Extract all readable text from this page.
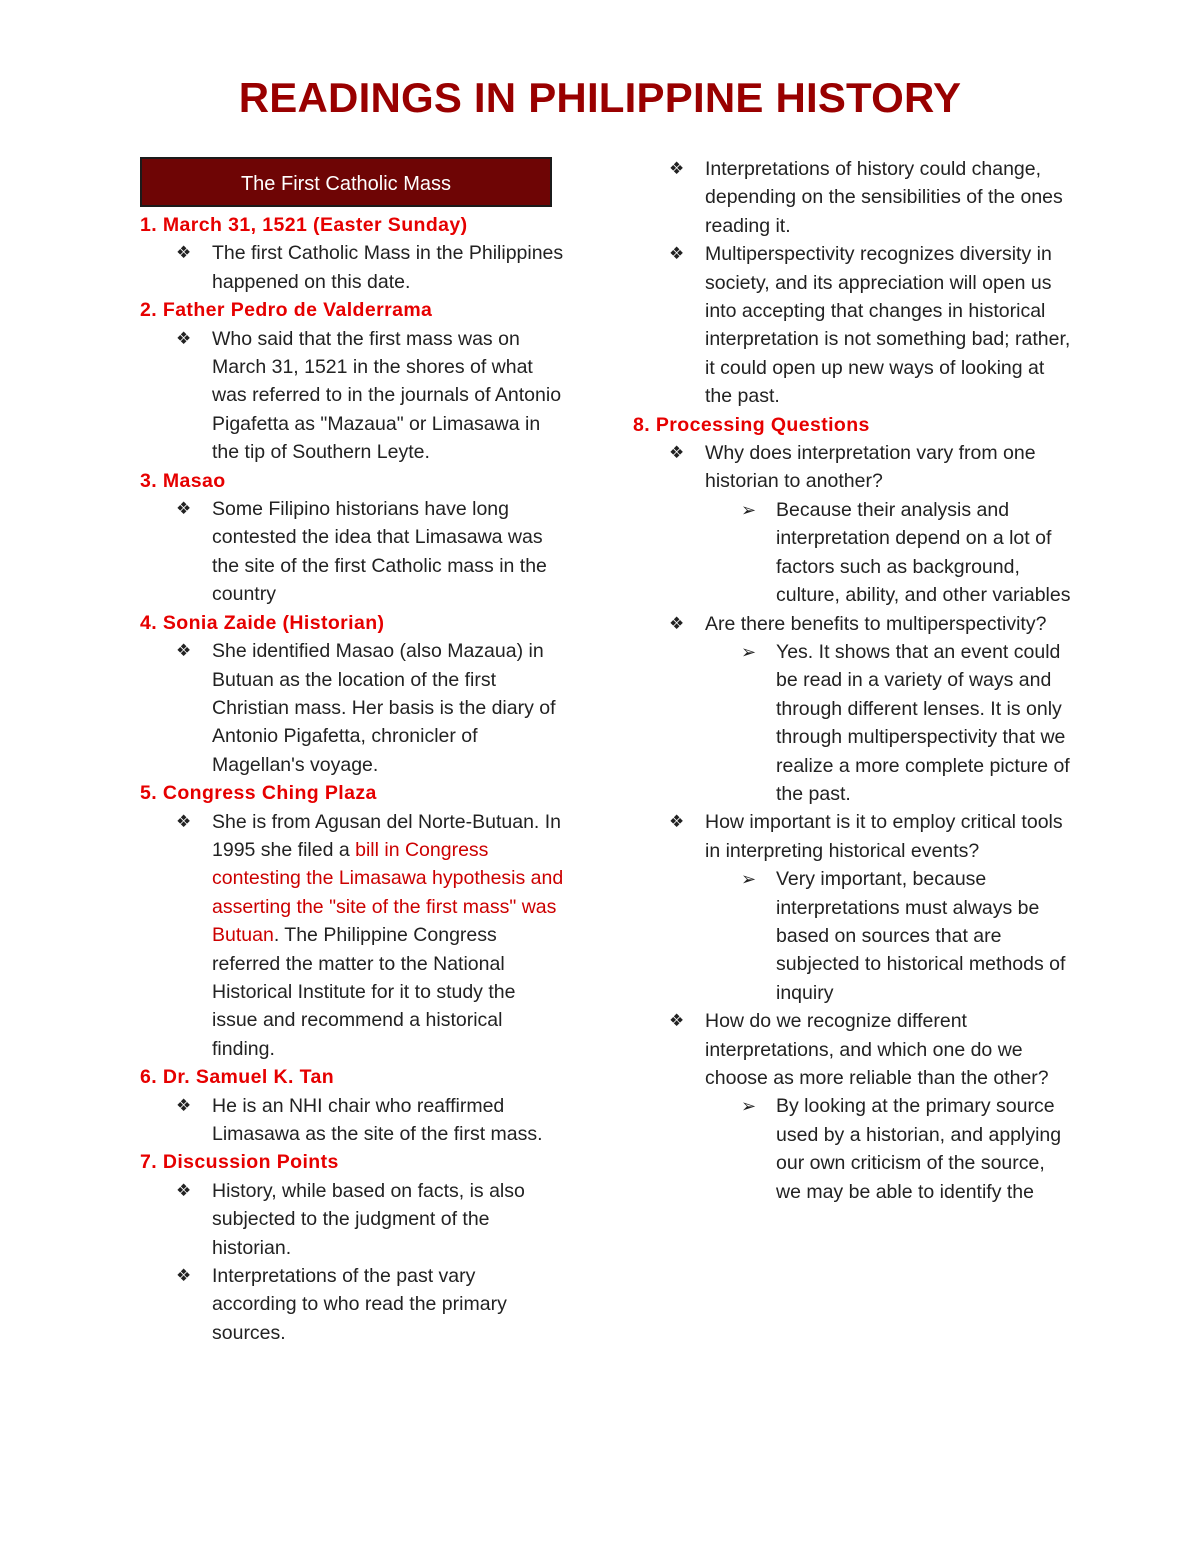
READINGS IN PHILIPPINE HISTORY
The First Catholic Mass
1. March 31, 1521 (Easter Sunday)
❖ The first Catholic Mass in the Philippines happened on this date.
2. Father Pedro de Valderrama
❖ Who said that the first mass was on March 31, 1521 in the shores of what was referred to in the journals of Antonio Pigafetta as "Mazaua" or Limasawa in the tip of Southern Leyte.
3. Masao
❖ Some Filipino historians have long contested the idea that Limasawa was the site of the first Catholic mass in the country
4. Sonia Zaide (Historian)
❖ She identified Masao (also Mazaua) in Butuan as the location of the first Christian mass. Her basis is the diary of Antonio Pigafetta, chronicler of Magellan's voyage.
5. Congress Ching Plaza
❖ She is from Agusan del Norte-Butuan. In 1995 she filed a bill in Congress contesting the Limasawa hypothesis and asserting the "site of the first mass" was Butuan. The Philippine Congress referred the matter to the National Historical Institute for it to study the issue and recommend a historical finding.
6. Dr. Samuel K. Tan
❖ He is an NHI chair who reaffirmed Limasawa as the site of the first mass.
7. Discussion Points
❖ History, while based on facts, is also subjected to the judgment of the historian.
❖ Interpretations of the past vary according to who read the primary sources.
❖ Interpretations of history could change, depending on the sensibilities of the ones reading it.
❖ Multiperspectivity recognizes diversity in society, and its appreciation will open us into accepting that changes in historical interpretation is not something bad; rather, it could open up new ways of looking at the past.
8. Processing Questions
❖ Why does interpretation vary from one historian to another?
➢ Because their analysis and interpretation depend on a lot of factors such as background, culture, ability, and other variables
❖ Are there benefits to multiperspectivity?
➢ Yes. It shows that an event could be read in a variety of ways and through different lenses. It is only through multiperspectivity that we realize a more complete picture of the past.
❖ How important is it to employ critical tools in interpreting historical events?
➢ Very important, because interpretations must always be based on sources that are subjected to historical methods of inquiry
❖ How do we recognize different interpretations, and which one do we choose as more reliable than the other?
➢ By looking at the primary source used by a historian, and applying our own criticism of the source, we may be able to identify the
